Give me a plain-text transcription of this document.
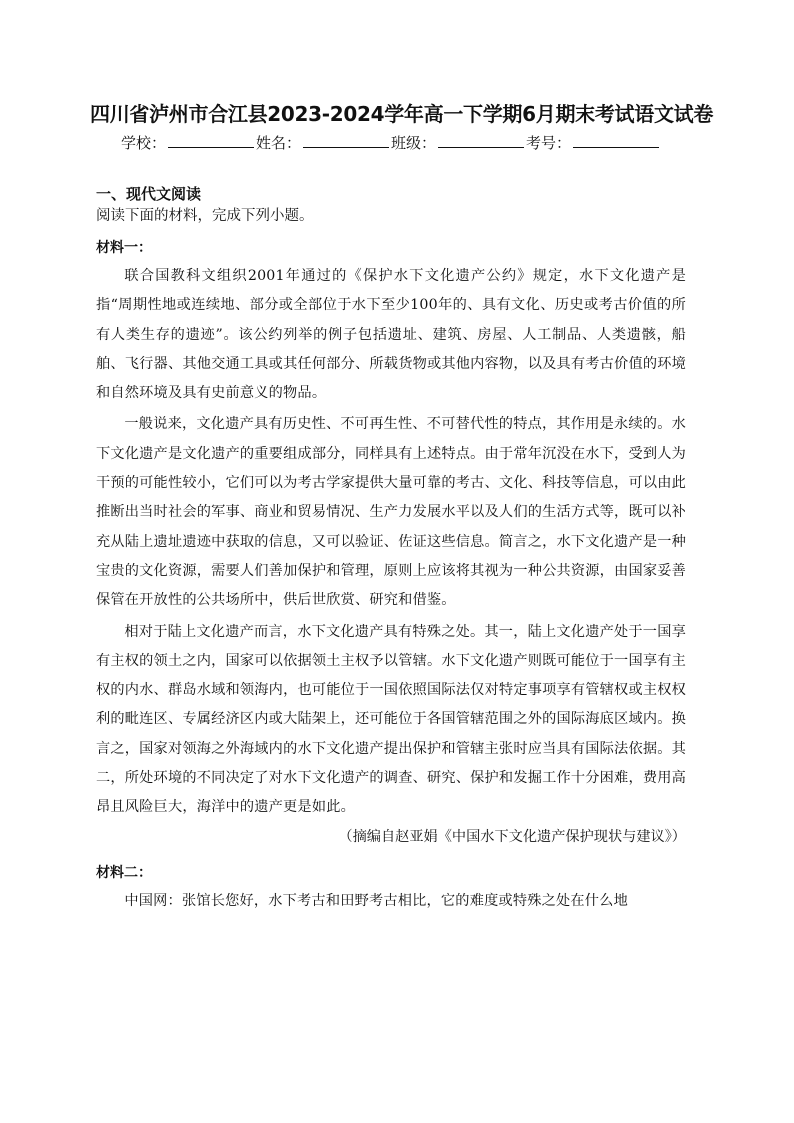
四川省泸州市合江县2023-2024学年高一下学期6月期末考试语文试卷
学校：	姓名：	班级：	考号：
一、现代文阅读
阅读下面的材料，完成下列小题。
材料一：

联合国教科文组织2001年通过的《保护水下文化遗产公约》规定，水下文化遗产是指“周期性地或连续地、部分或全部位于水下至少100年的、具有文化、历史或考古价值的所有人类生存的遗迹”。该公约列举的例子包括遗址、建筑、房屋、人工制品、人类遗骸，船舶、飞行器、其他交通工具或其任何部分、所载货物或其他内容物，以及具有考古价值的环境和自然环境及具有史前意义的物品。

一般说来，文化遗产具有历史性、不可再生性、不可替代性的特点，其作用是永续的。水下文化遗产是文化遗产的重要组成部分，同样具有上述特点。由于常年沉没在水下，受到人为干预的可能性较小，它们可以为考古学家提供大量可靠的考古、文化、科技等信息，可以由此推断出当时社会的军事、商业和贸易情况、生产力发展水平以及人们的生活方式等，既可以补充从陆上遗址遗迹中获取的信息，又可以验证、佐证这些信息。简言之，水下文化遗产是一种宝贵的文化资源，需要人们善加保护和管理，原则上应该将其视为一种公共资源，由国家妥善保管在开放性的公共场所中，供后世欣赏、研究和借鉴。

相对于陆上文化遗产而言，水下文化遗产具有特殊之处。其一，陆上文化遗产处于一国享有主权的领土之内，国家可以依据领土主权予以管辖。水下文化遗产则既可能位于一国享有主权的内水、群岛水域和领海内，也可能位于一国依照国际法仅对特定事项享有管辖权或主权权利的毗连区、专属经济区内或大陆架上，还可能位于各国管辖范围之外的国际海底区域内。换言之，国家对领海之外海域内的水下文化遗产提出保护和管辖主张时应当具有国际法依据。其二，所处环境的不同决定了对水下文化遗产的调查、研究、保护和发掘工作十分困难，费用高昂且风险巨大，海洋中的遗产更是如此。

（摘编自赵亚娟《中国水下文化遗产保护现状与建议》）
材料二：

中国网：张馆长您好，水下考古和田野考古相比，它的难度或特殊之处在什么地
